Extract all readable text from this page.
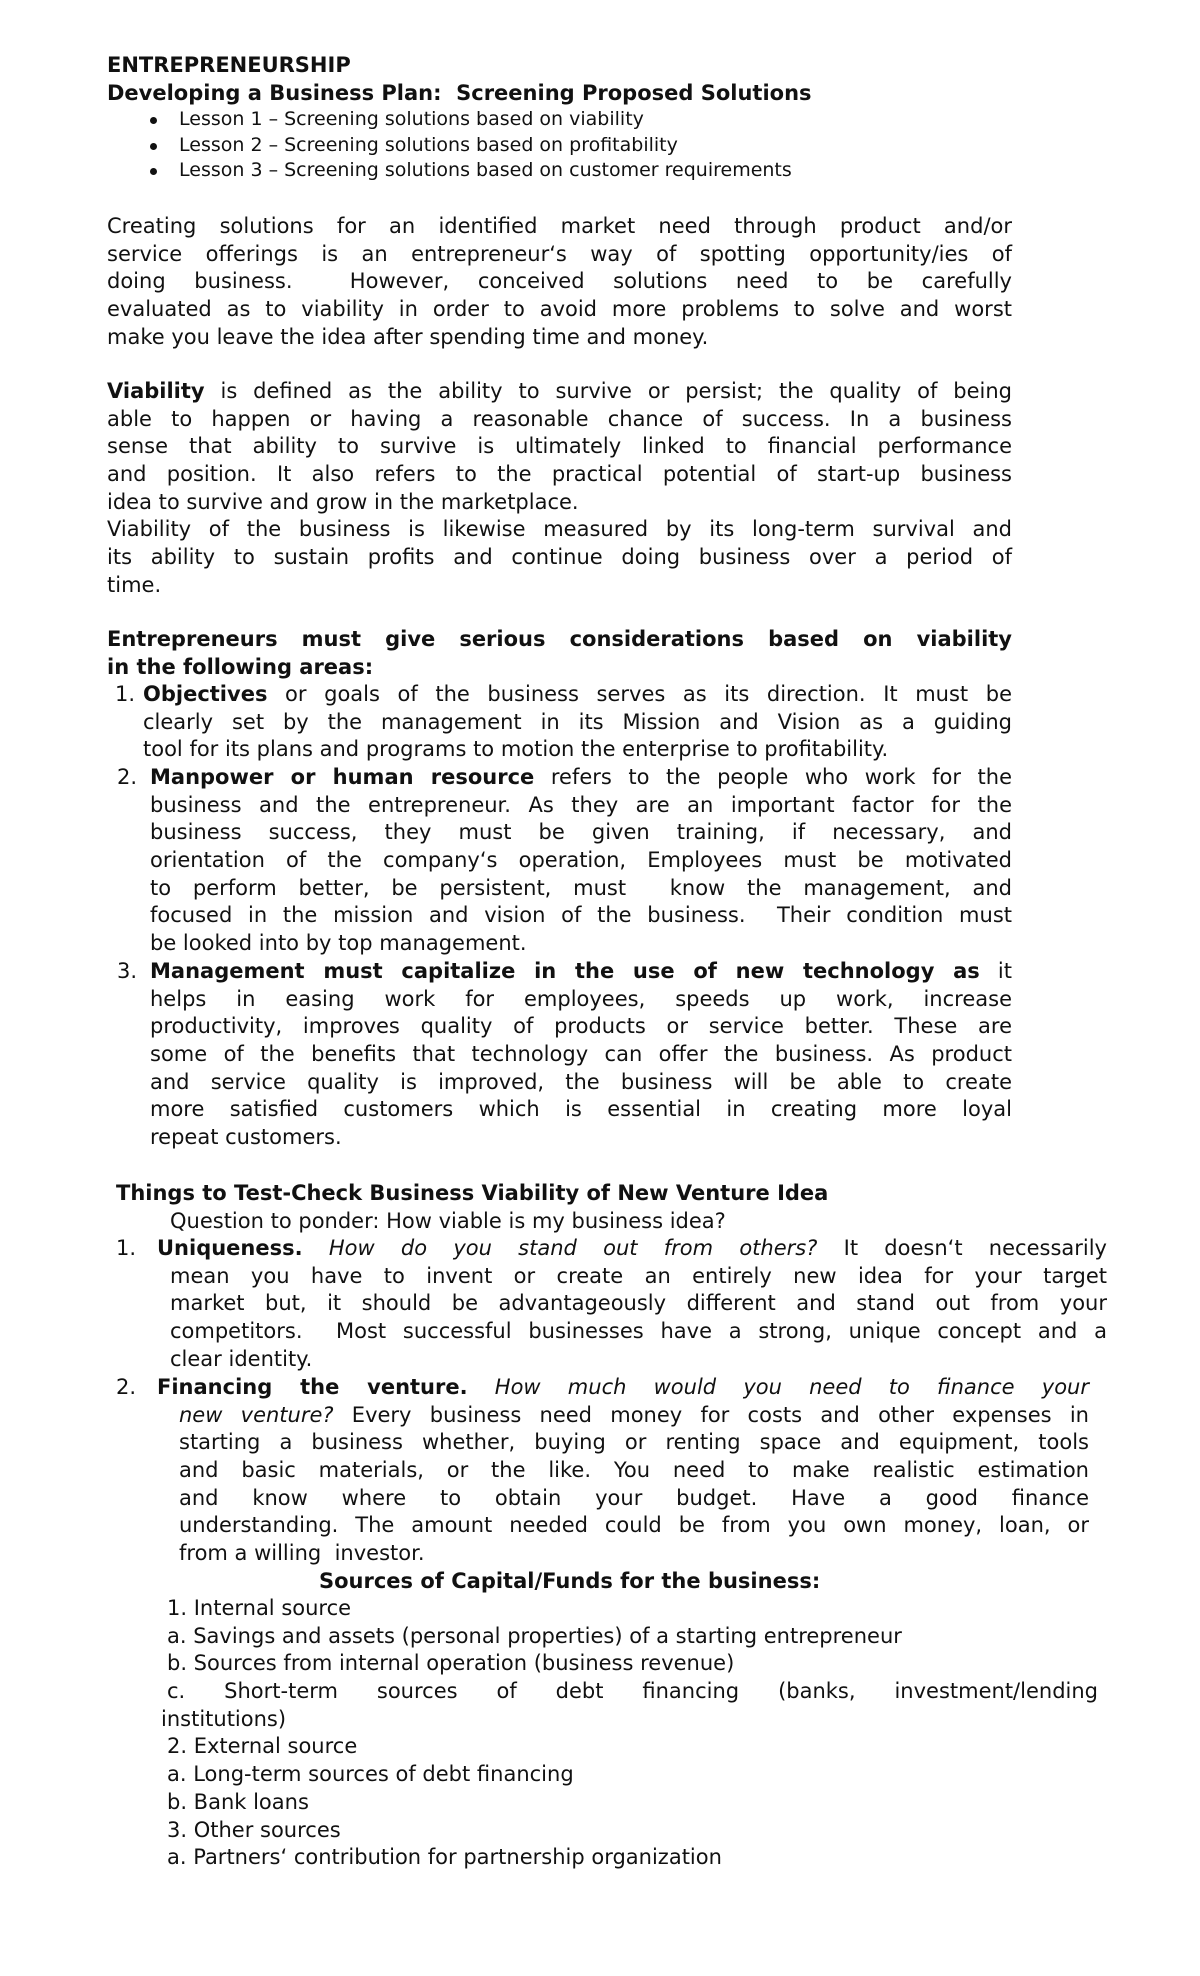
ENTREPRENEURSHIP
Developing a Business Plan:  Screening Proposed Solutions
Lesson 1 – Screening solutions based on viability
Lesson 2 – Screening solutions based on profitability
Lesson 3 – Screening solutions based on customer requirements
Creating solutions for an identified market need through product and/or
service offerings is an entrepreneur‘s way of spotting opportunity/ies of
doing business.  However, conceived solutions need to be carefully
evaluated as to viability in order to avoid more problems to solve and worst
make you leave the idea after spending time and money.
Viability is defined as the ability to survive or persist; the quality of being
able to happen or having a reasonable chance of success. In a business
sense that ability to survive is ultimately linked to financial performance
and position. It also refers to the practical potential of start-up business
idea to survive and grow in the marketplace.
Viability of the business is likewise measured by its long-term survival and
its ability to sustain profits and continue doing business over a period of
time.
Entrepreneurs must give serious considerations based on viability
in the following areas:
1. Objectives or goals of the business serves as its direction. It must be
clearly set by the management in its Mission and Vision as a guiding
tool for its plans and programs to motion the enterprise to profitability.
2. Manpower or human resource refers to the people who work for the
business and the entrepreneur. As they are an important factor for the
business success, they must be given training, if necessary, and
orientation of the company‘s operation, Employees must be motivated
to perform better, be persistent, must  know the management, and
focused in the mission and vision of the business.  Their condition must
be looked into by top management.
3. Management must capitalize in the use of new technology as it
helps in easing work for employees, speeds up work, increase
productivity, improves quality of products or service better. These are
some of the benefits that technology can offer the business. As product
and service quality is improved, the business will be able to create
more satisfied customers which is essential in creating more loyal
repeat customers.
Things to Test-Check Business Viability of New Venture Idea
Question to ponder: How viable is my business idea?
1. Uniqueness. How do you stand out from others? It doesn‘t necessarily
mean you have to invent or create an entirely new idea for your target
market but, it should be advantageously different and stand out from your
competitors.  Most successful businesses have a strong, unique concept and a
clear identity.
2. Financing the venture. How much would you need to finance your
new venture? Every business need money for costs and other expenses in
starting a business whether, buying or renting space and equipment, tools
and basic materials, or the like. You need to make realistic estimation
and know where to obtain your budget. Have a good finance
understanding. The amount needed could be from you own money, loan, or
from a willing  investor.
Sources of Capital/Funds for the business:
1. Internal source
a. Savings and assets (personal properties) of a starting entrepreneur
b. Sources from internal operation (business revenue)
c. Short-term sources of debt financing (banks, investment/lending
institutions)
2. External source
a. Long-term sources of debt financing
b. Bank loans
3. Other sources
a. Partners‘ contribution for partnership organization
